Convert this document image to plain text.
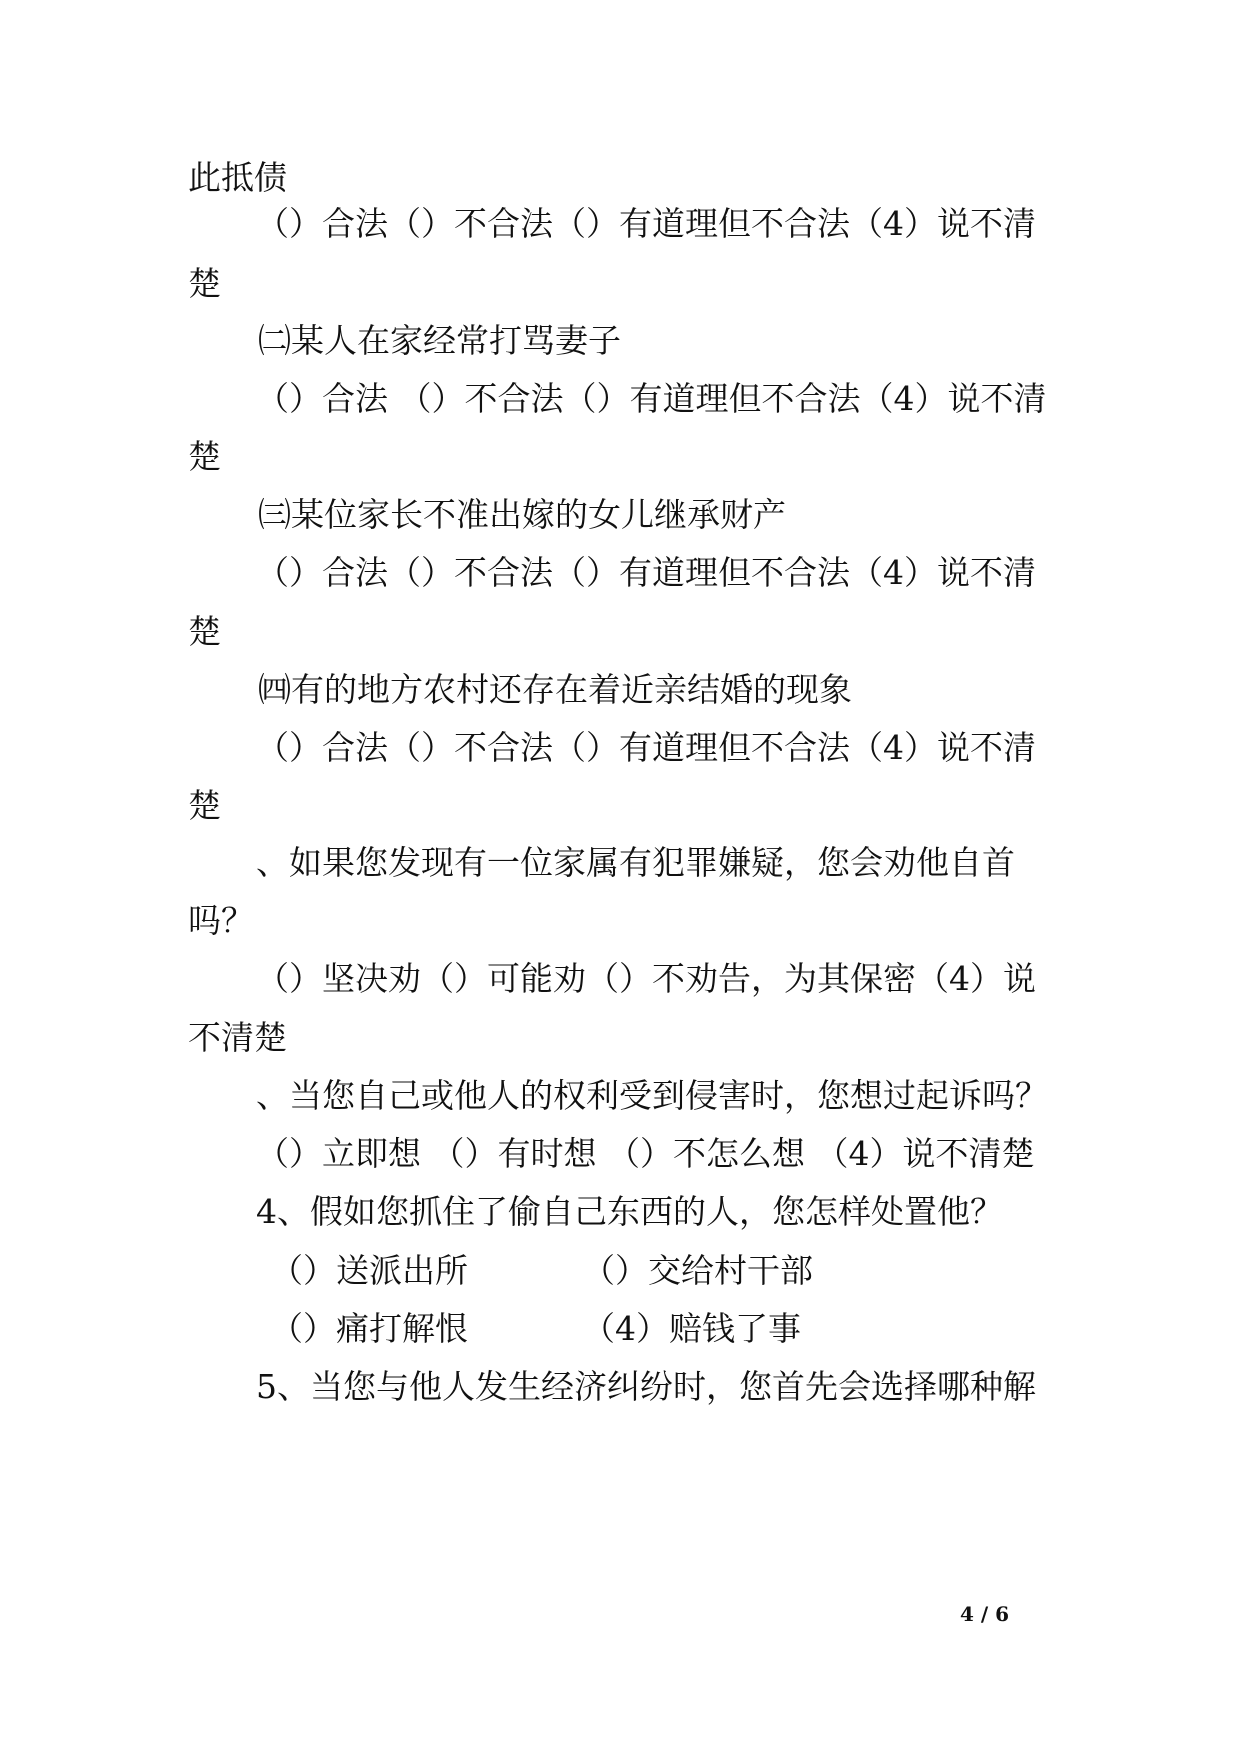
此抵债
（）合法（）不合法（）有道理但不合法（4）说不清
楚
㈡某人在家经常打骂妻子
（）合法 （）不合法（）有道理但不合法（4）说不清
楚
㈢某位家长不准出嫁的女儿继承财产
（）合法（）不合法（）有道理但不合法（4）说不清
楚
㈣有的地方农村还存在着近亲结婚的现象
（）合法（）不合法（）有道理但不合法（4）说不清
楚
、如果您发现有一位家属有犯罪嫌疑，您会劝他自首
吗？
（）坚决劝（）可能劝（）不劝告，为其保密（4）说
不清楚
、当您自己或他人的权利受到侵害时，您想过起诉吗？
（）立即想 （）有时想 （）不怎么想 （4）说不清楚
4、假如您抓住了偷自己东西的人，您怎样处置他？
（）送派出所	（）交给村干部
（）痛打解恨	（4）赔钱了事
5、当您与他人发生经济纠纷时，您首先会选择哪种解
4 / 6
